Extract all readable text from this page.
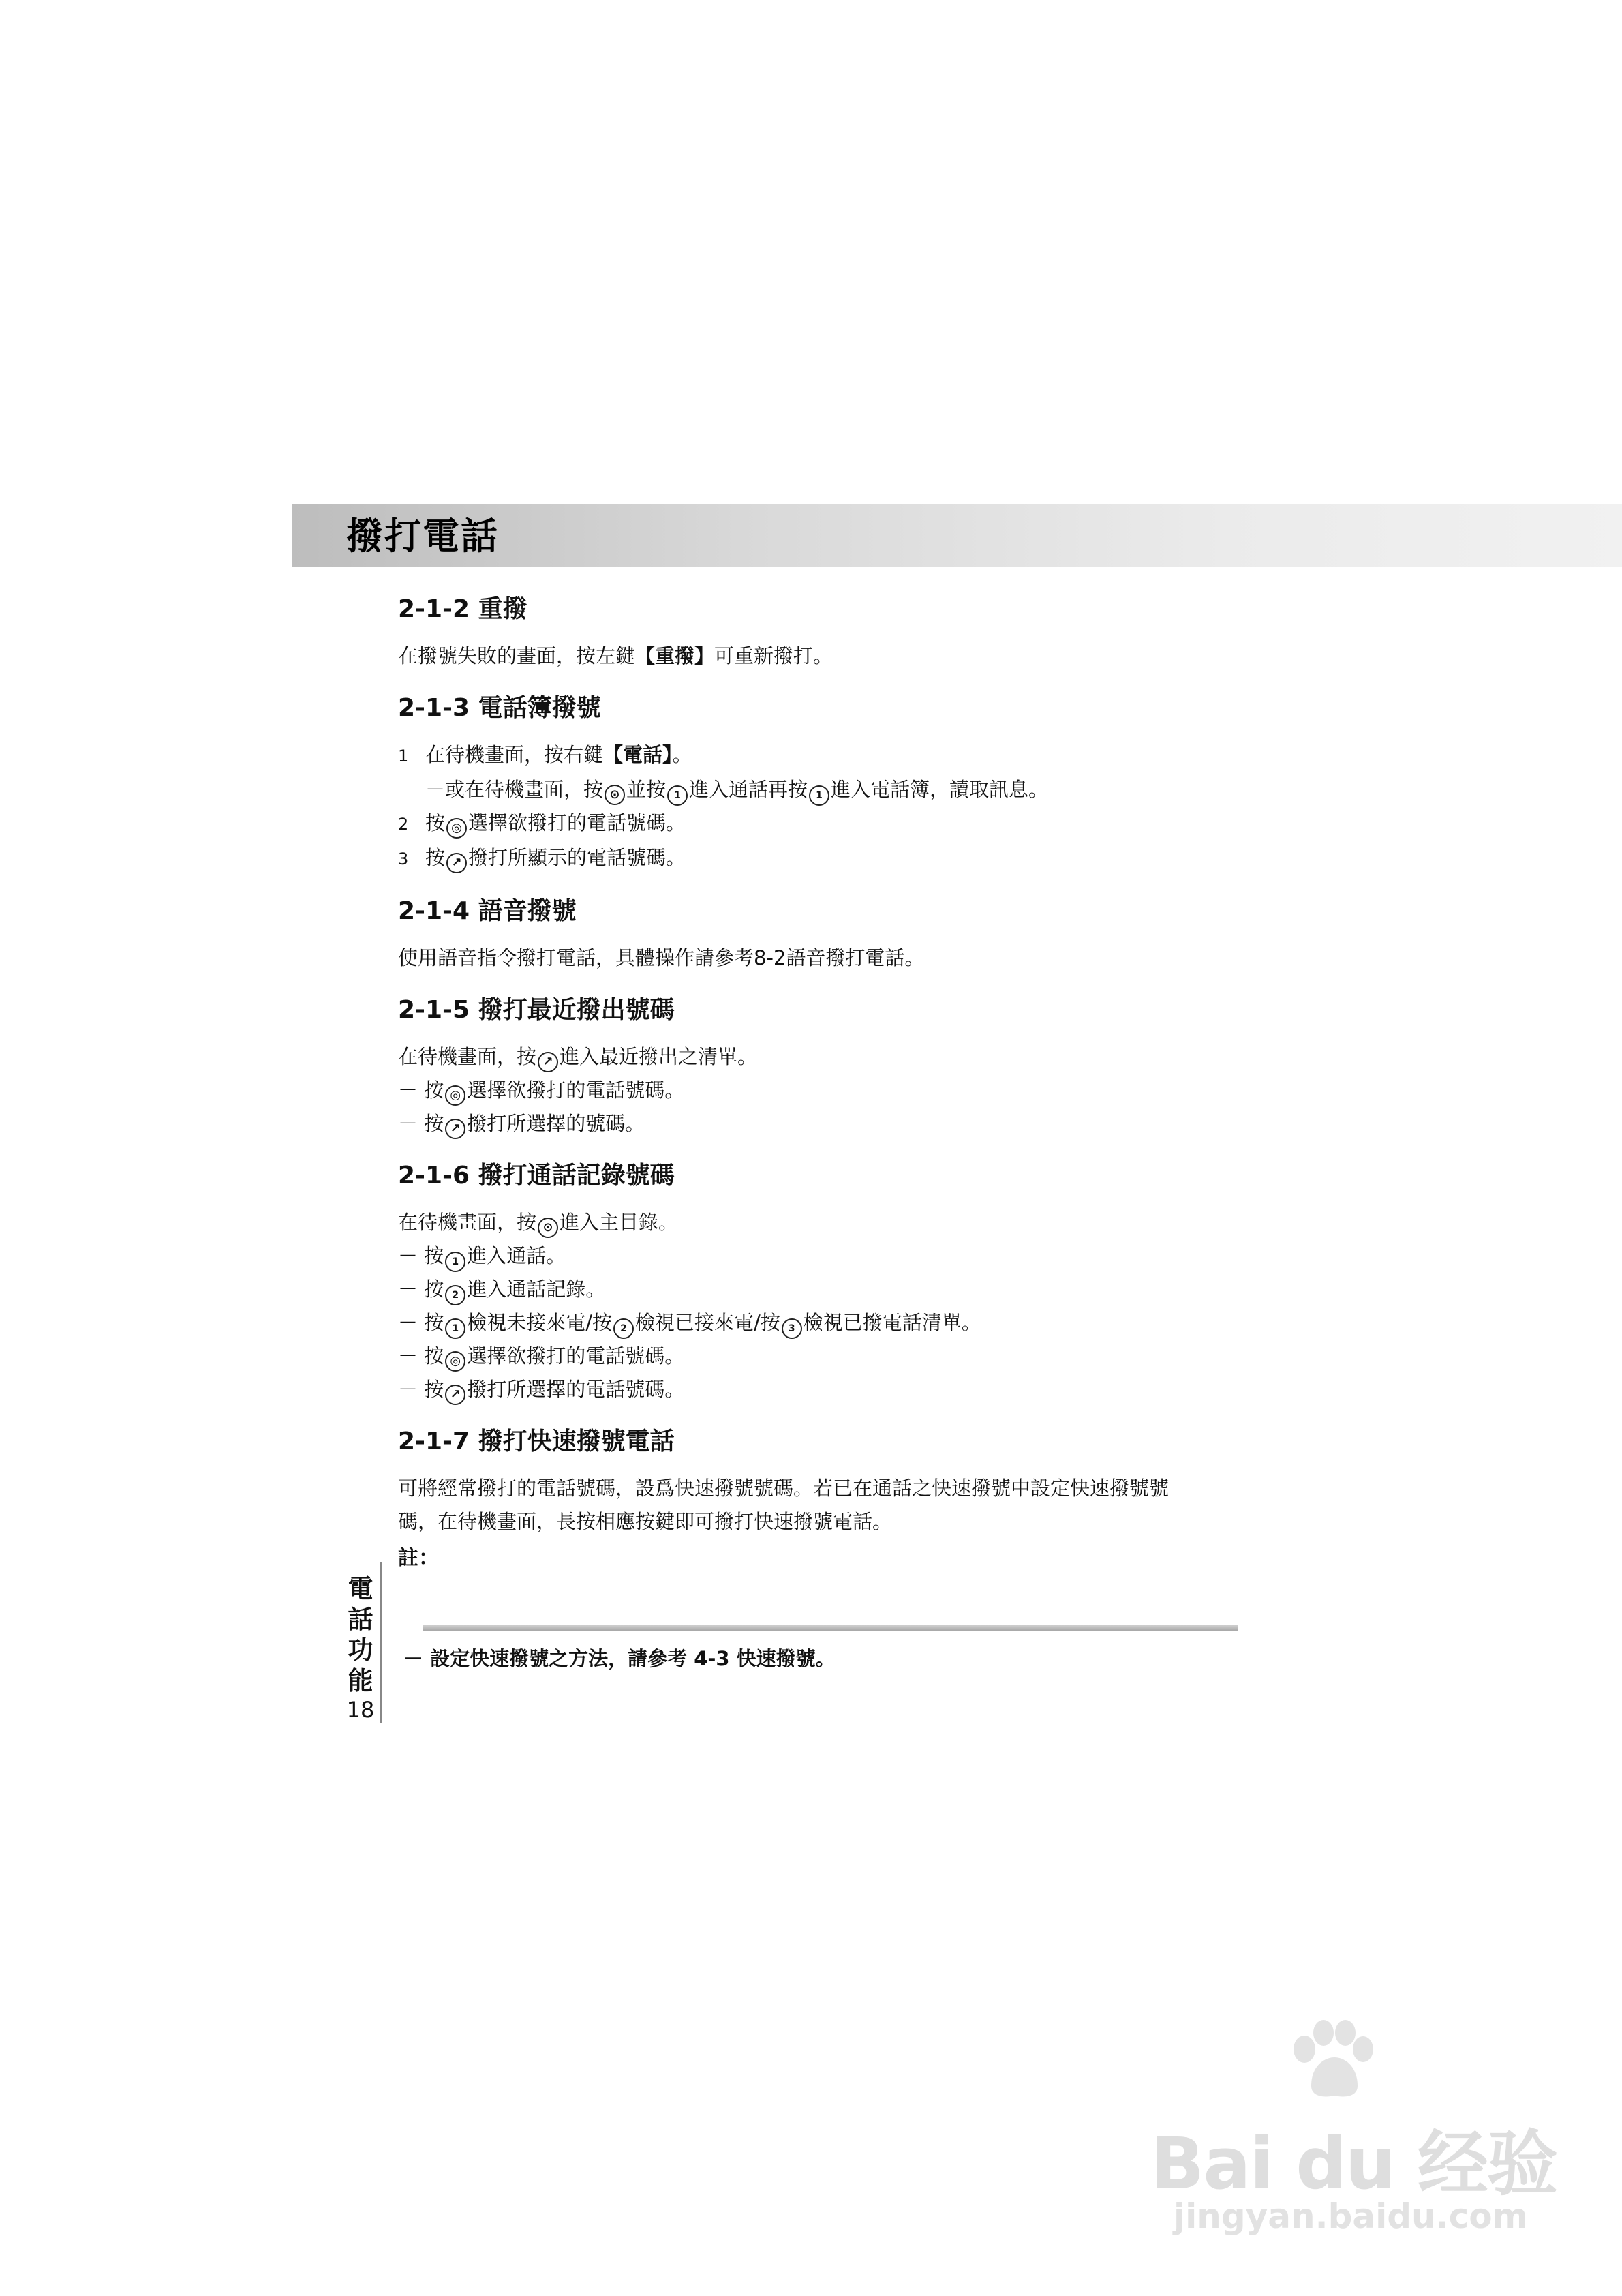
撥打電話
2-1-2 重撥
在撥號失敗的畫面，按左鍵【重撥】可重新撥打。
2-1-3 電話簿撥號
1 在待機畫面，按右鍵【電話】。
－或在待機畫面，按 ⊙ 並按 1 進入通話再按 1 進入電話簿，讀取訊息。
2 按 ◎ 選擇欲撥打的電話號碼。
3 按 ↗ 撥打所顯示的電話號碼。
2-1-4 語音撥號

使用語音指令撥打電話，具體操作請參考8-2語音撥打電話。

2-1-5 撥打最近撥出號碼
在待機畫面，按 ↗ 進入最近撥出之清單。
－ 按 ◎ 選擇欲撥打的電話號碼。
－ 按 ↗ 撥打所選擇的號碼。
2-1-6 撥打通話記錄號碼
在待機畫面，按 ⊙ 進入主目錄。
－ 按 1 進入通話。
－ 按 2 進入通話記錄。
－ 按 1 檢視未接來電/按 2 檢視已接來電/按 3 檢視已撥電話清單。
－ 按 ◎ 選擇欲撥打的電話號碼。
－ 按 ↗ 撥打所選擇的電話號碼。
2-1-7 撥打快速撥號電話
可將經常撥打的電話號碼，設爲快速撥號號碼。若已在通話之快速撥號中設定快速撥號號
碼，在待機畫面，長按相應按鍵即可撥打快速撥號電話。
註：
－ 設定快速撥號之方法，請參考 4-3 快速撥號。
電
話
功
能
18
Bai du 经验
jingyan.baidu.com
